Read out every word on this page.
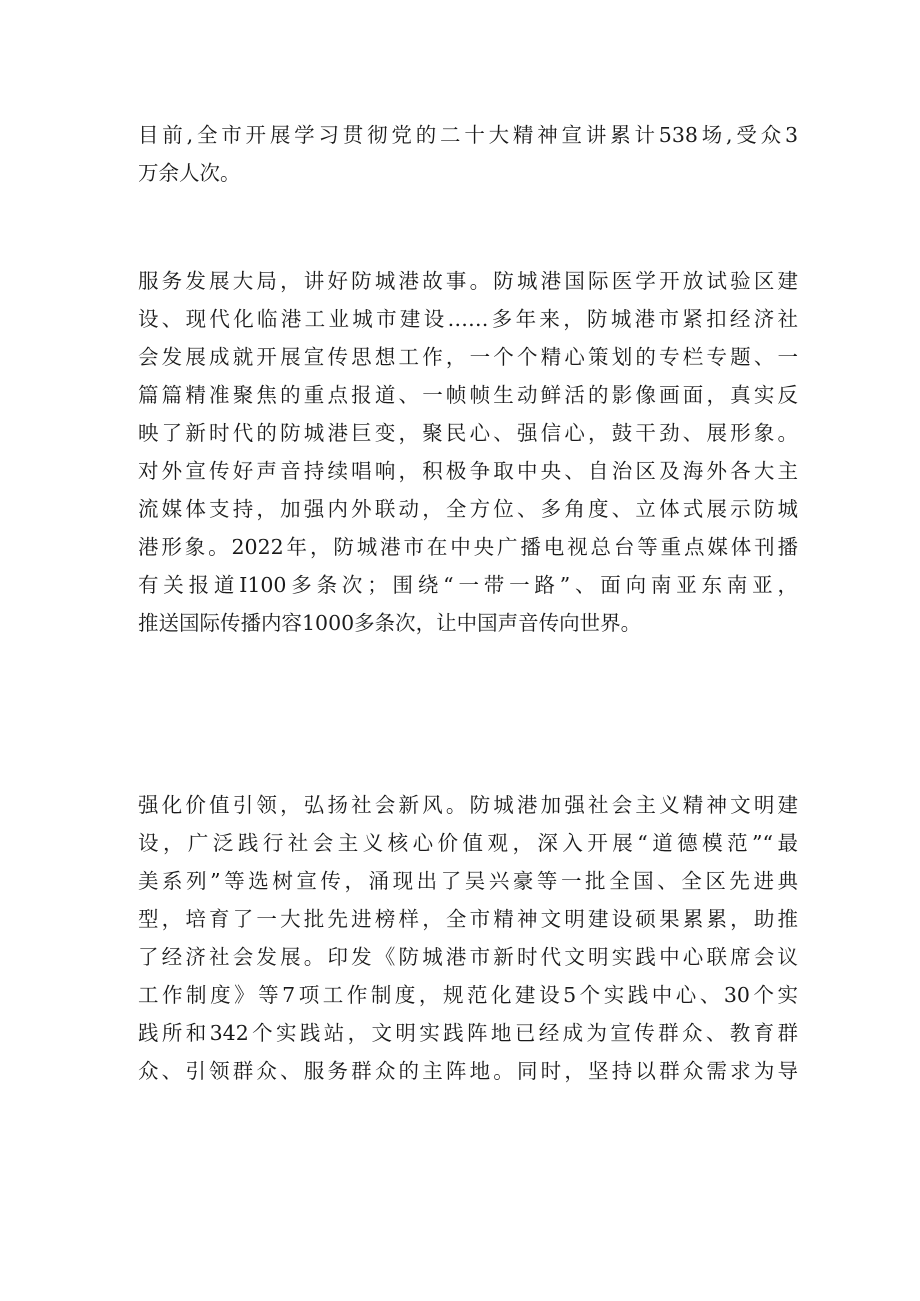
目前,全市开展学习贯彻党的二十大精神宣讲累计538场,受众3
万余人次。
服务发展大局，讲好防城港故事。防城港国际医学开放试验区建
设、现代化临港工业城市建设……多年来，防城港市紧扣经济社
会发展成就开展宣传思想工作，一个个精心策划的专栏专题、一
篇篇精准聚焦的重点报道、一帧帧生动鲜活的影像画面，真实反
映了新时代的防城港巨变，聚民心、强信心，鼓干劲、展形象。
对外宣传好声音持续唱响，积极争取中央、自治区及海外各大主
流媒体支持，加强内外联动，全方位、多角度、立体式展示防城
港形象。2022年，防城港市在中央广播电视总台等重点媒体刊播
有关报道I100多条次；围绕“一带一路”、面向南亚东南亚，
推送国际传播内容1000多条次，让中国声音传向世界。
强化价值引领，弘扬社会新风。防城港加强社会主义精神文明建
设，广泛践行社会主义核心价值观，深入开展“道德模范”“最
美系列”等选树宣传，涌现出了吴兴豪等一批全国、全区先进典
型，培育了一大批先进榜样，全市精神文明建设硕果累累，助推
了经济社会发展。印发《防城港市新时代文明实践中心联席会议
工作制度》等7项工作制度，规范化建设5个实践中心、30个实
践所和342个实践站，文明实践阵地已经成为宣传群众、教育群
众、引领群众、服务群众的主阵地。同时，坚持以群众需求为导
